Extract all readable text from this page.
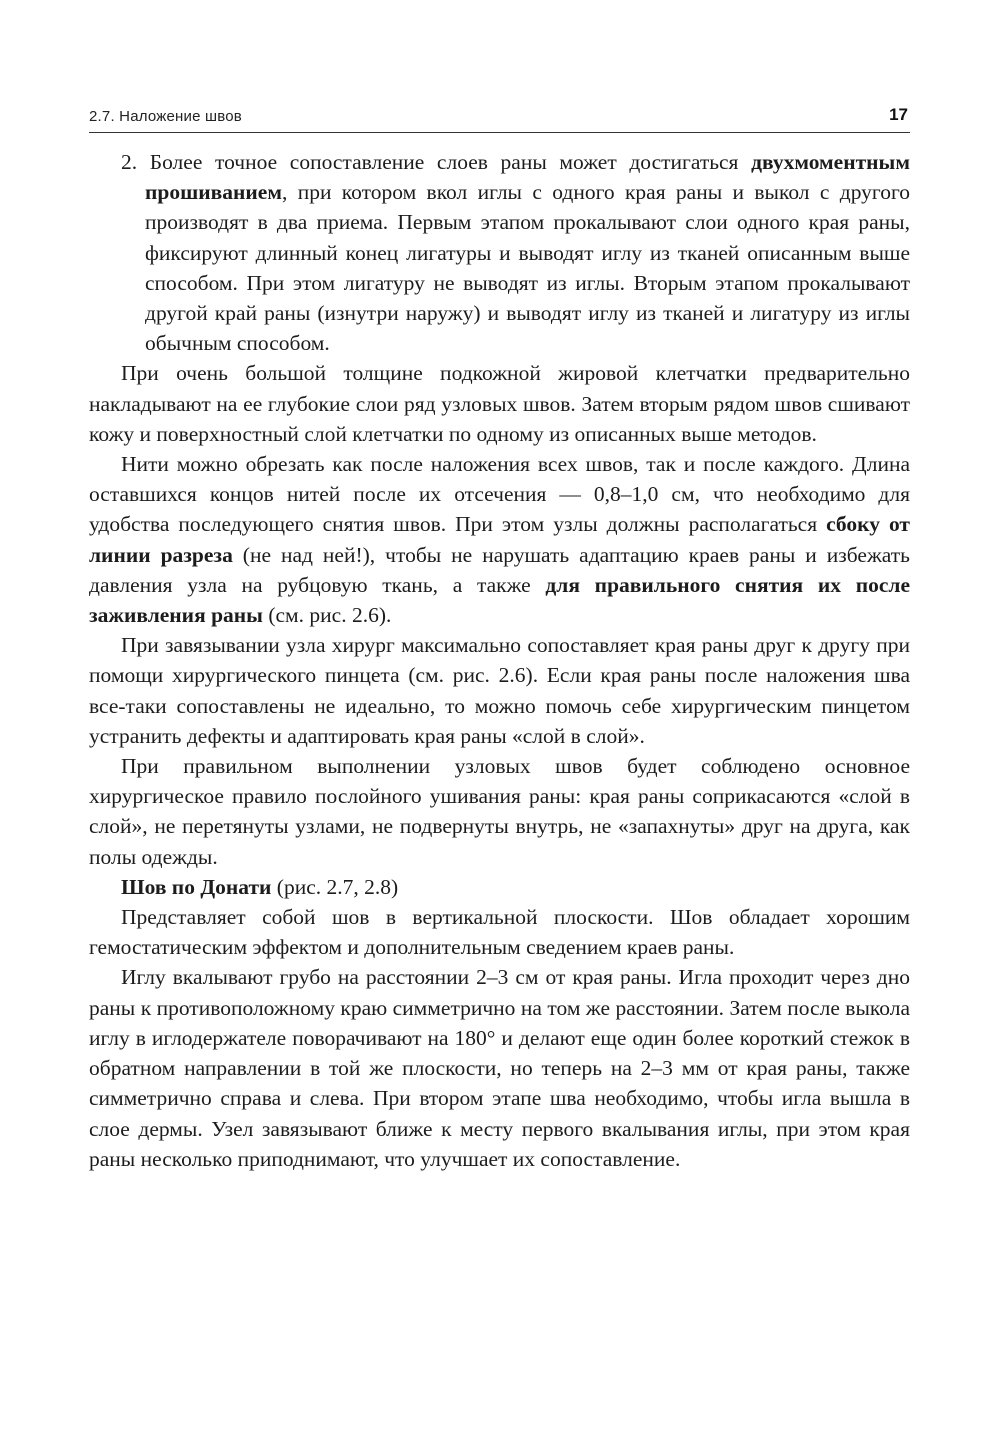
2.7. Наложение швов	17

2. Более точное сопоставление слоев раны может достигаться двухмоментным прошиванием, при котором вкол иглы с одного края раны и выкол с другого производят в два приема. Первым этапом прокалывают слои одного края раны, фиксируют длинный конец лигатуры и выводят иглу из тканей описанным выше способом. При этом лигатуру не выводят из иглы. Вторым этапом прокалывают другой край раны (изнутри наружу) и выводят иглу из тканей и лигатуру из иглы обычным способом.

При очень большой толщине подкожной жировой клетчатки предварительно накладывают на ее глубокие слои ряд узловых швов. Затем вторым рядом швов сшивают кожу и поверхностный слой клетчатки по одному из описанных выше методов.

Нити можно обрезать как после наложения всех швов, так и после каждого. Длина оставшихся концов нитей после их отсечения — 0,8–1,0 см, что необходимо для удобства последующего снятия швов. При этом узлы должны располагаться сбоку от линии разреза (не над ней!), чтобы не нарушать адаптацию краев раны и избежать давления узла на рубцовую ткань, а также для правильного снятия их после заживления раны (см. рис. 2.6).

При завязывании узла хирург максимально сопоставляет края раны друг к другу при помощи хирургического пинцета (см. рис. 2.6). Если края раны после наложения шва все-таки сопоставлены не идеально, то можно помочь себе хирургическим пинцетом устранить дефекты и адаптировать края раны «слой в слой».

При правильном выполнении узловых швов будет соблюдено основное хирургическое правило послойного ушивания раны: края раны соприкасаются «слой в слой», не перетянуты узлами, не подвернуты внутрь, не «запахнуты» друг на друга, как полы одежды.

Шов по Донати (рис. 2.7, 2.8)

Представляет собой шов в вертикальной плоскости. Шов обладает хорошим гемостатическим эффектом и дополнительным сведением краев раны.

Иглу вкалывают грубо на расстоянии 2–3 см от края раны. Игла проходит через дно раны к противоположному краю симметрично на том же расстоянии. Затем после выкола иглу в иглодержателе поворачивают на 180° и делают еще один более короткий стежок в обратном направлении в той же плоскости, но теперь на 2–3 мм от края раны, также симметрично справа и слева. При втором этапе шва необходимо, чтобы игла вышла в слое дермы. Узел завязывают ближе к месту первого вкалывания иглы, при этом края раны несколько приподнимают, что улучшает их сопоставление.
